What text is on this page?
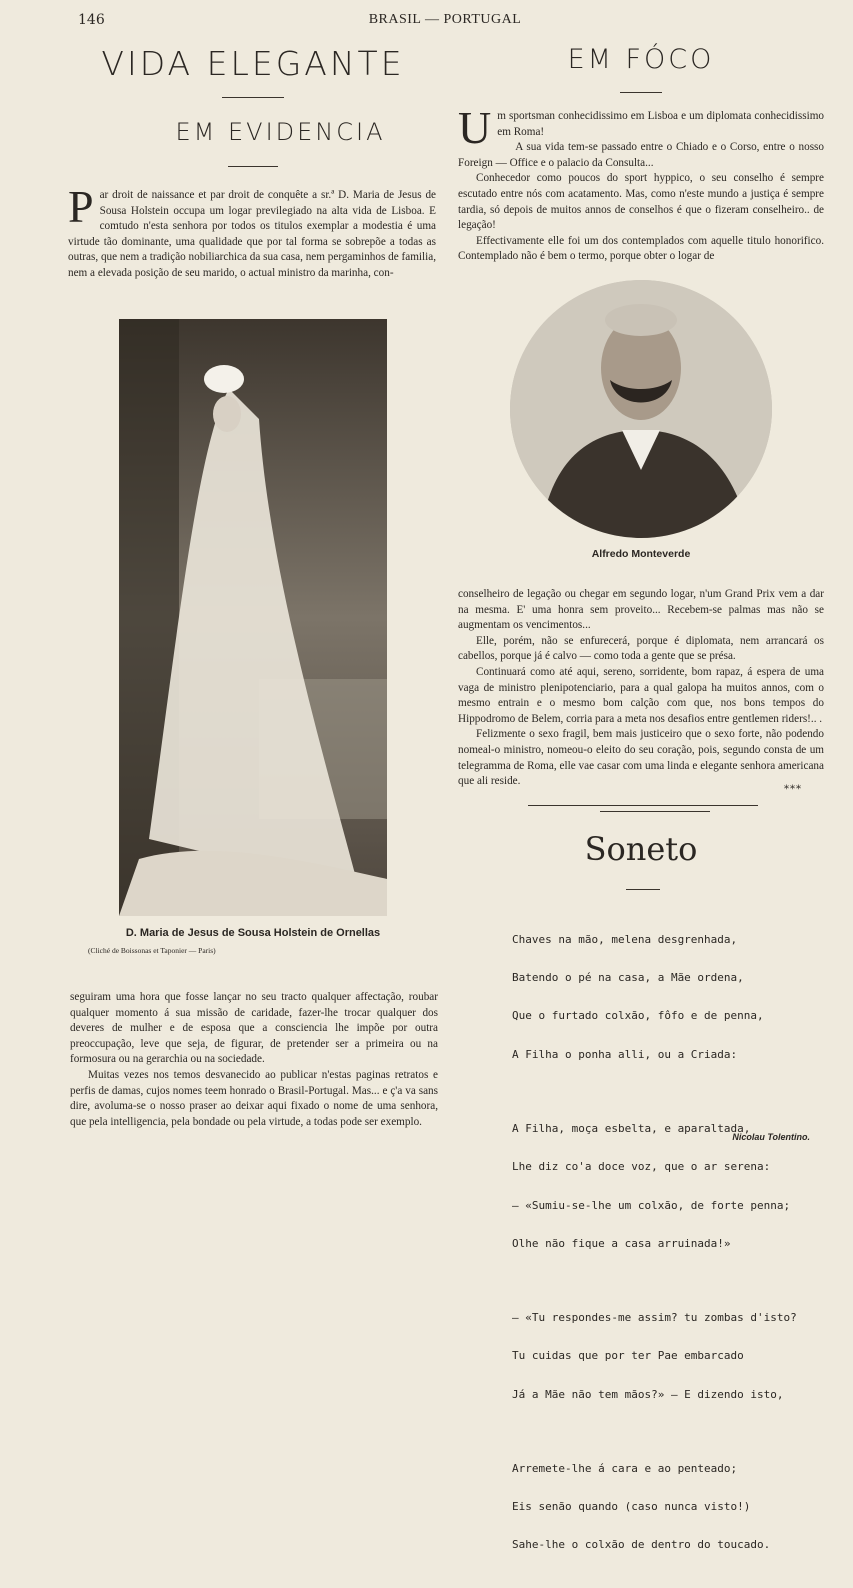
146	BRASIL — PORTUGAL
VIDA ELEGANTE
EM EVIDENCIA

Par droit de naissance et par droit de conquête a sr.ª D. Maria de Jesus de Sousa Holstein occupa um logar previlegiado na alta vida de Lisboa. E comtudo n'esta senhora por todos os titulos exemplar a modestia é uma virtude tão dominante, uma qualidade que por tal forma se sobrepõe a todas as outras, que nem a tradição nobiliarchica da sua casa, nem pergaminhos de familia, nem a elevada posição de seu marido, o actual ministro da marinha, con-

D. Maria de Jesus de Sousa Holstein de Ornellas
(Cliché de Boissonas et Taponier — Paris)

seguiram uma hora que fosse lançar no seu tracto qualquer affectação, roubar qualquer momento á sua missão de caridade, fazer-lhe trocar qualquer dos deveres de mulher e de esposa que a consciencia lhe impõe por outra preoccupação, leve que seja, de figurar, de pretender ser a primeira ou na formosura ou na gerarchia ou na sociedade.

Muitas vezes nos temos desvanecido ao publicar n'estas paginas retratos e perfis de damas, cujos nomes teem honrado o Brasil-Portugal. Mas... e ç'a va sans dire, avoluma-se o nosso praser ao deixar aqui fixado o nome de uma senhora, que pela intelligencia, pela bondade ou pela virtude, a todas pode ser exemplo.

EM FÓCO

Um sportsman conhecidissimo em Lisboa e um diplomata conhecidissimo em Roma!

A sua vida tem-se passado entre o Chiado e o Corso, entre o nosso Foreign — Office e o palacio da Consulta...

Conhecedor como poucos do sport hyppico, o seu conselho é sempre escutado entre nós com acatamento. Mas, como n'este mundo a justiça é sempre tardia, só depois de muitos annos de conselhos é que o fizeram conselheiro.. de legação!

Effectivamente elle foi um dos contemplados com aquelle titulo honorifico. Contemplado não é bem o termo, porque obter o logar de

Alfredo Monteverde

conselheiro de legação ou chegar em segundo logar, n'um Grand Prix vem a dar na mesma. E' uma honra sem proveito... Recebem-se palmas mas não se augmentam os vencimentos...

Elle, porém, não se enfurecerá, porque é diplomata, nem arrancará os cabellos, porque já é calvo — como toda a gente que se présa.

Continuará como até aqui, sereno, sorridente, bom rapaz, á espera de uma vaga de ministro plenipotenciario, para a qual galopa ha muitos annos, com o mesmo entrain e o mesmo bom calção com que, nos bons tempos do Hippodromo de Belem, corria para a meta nos desafios entre gentlemen riders!.. .

Felizmente o sexo fragil, bem mais justiceiro que o sexo forte, não podendo nomeal-o ministro, nomeou-o eleito do seu coração, pois, segundo consta de um telegramma de Roma, elle vae casar com uma linda e elegante senhora americana que ali reside.

***
Soneto

Chaves na mão, melena desgrenhada,

Batendo o pé na casa, a Mãe ordena,

Que o furtado colxão, fôfo e de penna,

A Filha o ponha alli, ou a Criada:

A Filha, moça esbelta, e aparaltada,

Lhe diz co'a doce voz, que o ar serena:

— «Sumiu-se-lhe um colxão, de forte penna;

Olhe não fique a casa arruinada!»

— «Tu respondes-me assim? tu zombas d'isto?

Tu cuidas que por ter Pae embarcado

Já a Mãe não tem mãos?» — E dizendo isto,

Arremete-lhe á cara e ao penteado;

Eis senão quando (caso nunca visto!)

Sahe-lhe o colxão de dentro do toucado.

Nicolau Tolentino.
